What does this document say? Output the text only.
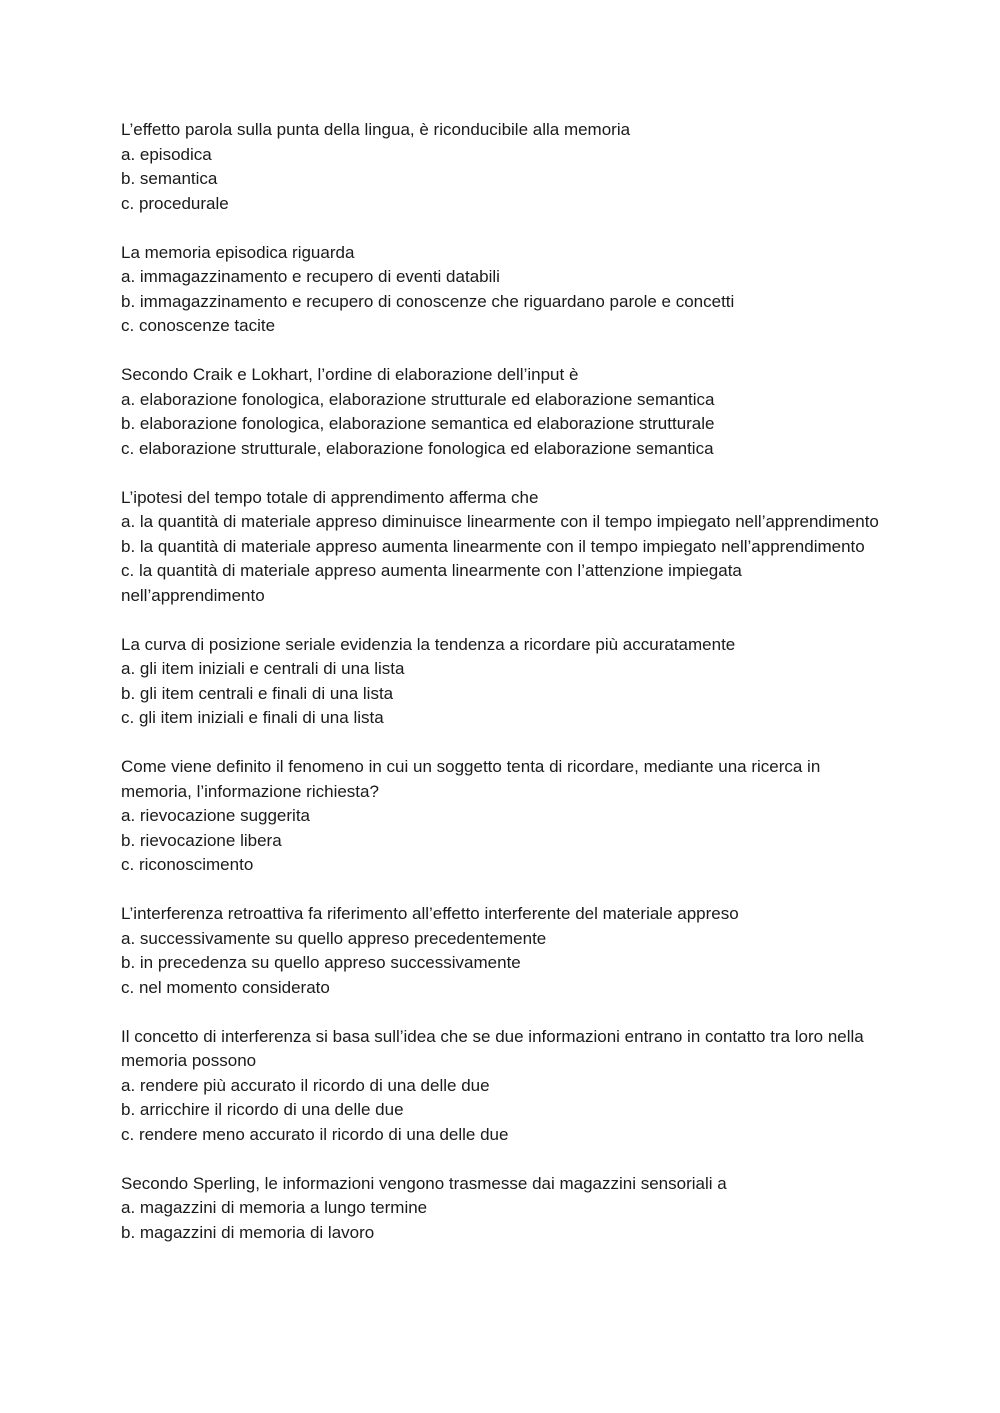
L’effetto parola sulla punta della lingua, è riconducibile alla memoria
a. episodica
b. semantica
c. procedurale
La memoria episodica riguarda
a. immagazzinamento e recupero di eventi databili
b. immagazzinamento e recupero di conoscenze che riguardano parole e concetti
c. conoscenze tacite
Secondo Craik e Lokhart, l’ordine di elaborazione dell’input è
a. elaborazione fonologica, elaborazione strutturale ed elaborazione semantica
b. elaborazione fonologica, elaborazione semantica ed elaborazione strutturale
c. elaborazione strutturale, elaborazione fonologica ed elaborazione semantica
L’ipotesi del tempo totale di apprendimento afferma che
a. la quantità di materiale appreso diminuisce linearmente con il tempo impiegato nell’apprendimento
b. la quantità di materiale appreso aumenta linearmente con il tempo impiegato nell’apprendimento
c. la quantità di materiale appreso aumenta linearmente con l’attenzione impiegata nell’apprendimento
La curva di posizione seriale evidenzia la tendenza a ricordare più accuratamente
a. gli item iniziali e centrali di una lista
b. gli item centrali e finali di una lista
c. gli item iniziali e finali di una lista
Come viene definito il fenomeno in cui un soggetto tenta di ricordare, mediante una ricerca in memoria, l’informazione richiesta?
a. rievocazione suggerita
b. rievocazione libera
c. riconoscimento
L’interferenza retroattiva fa riferimento all’effetto interferente del materiale appreso
a. successivamente su quello appreso precedentemente
b. in precedenza su quello appreso successivamente
c. nel momento considerato
Il concetto di interferenza si basa sull’idea che se due informazioni entrano in contatto tra loro nella memoria possono
a. rendere più accurato il ricordo di una delle due
b. arricchire il ricordo di una delle due
c. rendere meno accurato il ricordo di una delle due
Secondo Sperling, le informazioni vengono trasmesse dai magazzini sensoriali a
a. magazzini di memoria a lungo termine
b. magazzini di memoria di lavoro
